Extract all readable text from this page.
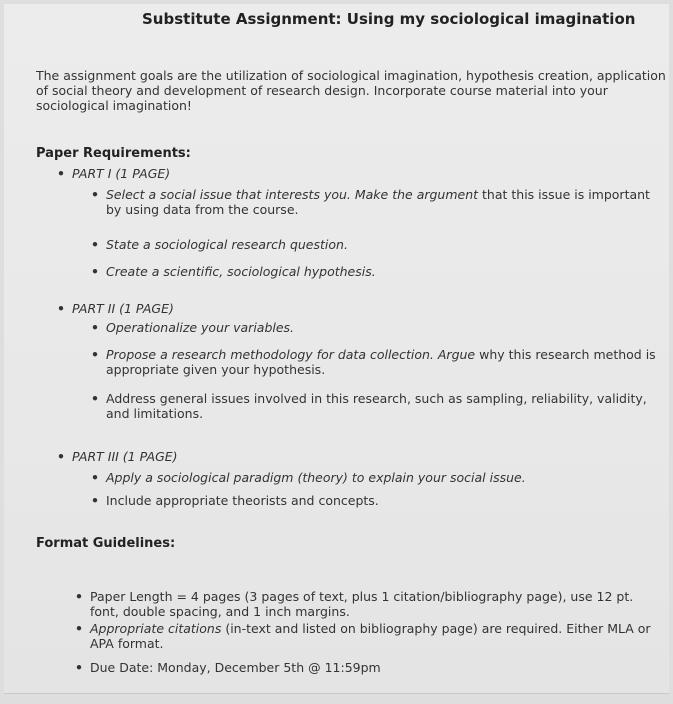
Substitute Assignment: Using my sociological imagination
The assignment goals are the utilization of sociological imagination, hypothesis creation, application of social theory and development of research design. Incorporate course material into your sociological imagination!
Paper Requirements:
• PART I (1 PAGE)
• Select a social issue that interests you. Make the argument that this issue is important by using data from the course.
• State a sociological research question.
• Create a scientific, sociological hypothesis.
• PART II (1 PAGE)
• Operationalize your variables.
• Propose a research methodology for data collection. Argue why this research method is appropriate given your hypothesis.
• Address general issues involved in this research, such as sampling, reliability, validity, and limitations.
• PART III (1 PAGE)
• Apply a sociological paradigm (theory) to explain your social issue.
• Include appropriate theorists and concepts.
Format Guidelines:
• Paper Length = 4 pages (3 pages of text, plus 1 citation/bibliography page), use 12 pt. font, double spacing, and 1 inch margins.
• Appropriate citations (in-text and listed on bibliography page) are required. Either MLA or APA format.
• Due Date: Monday, December 5th @ 11:59pm
